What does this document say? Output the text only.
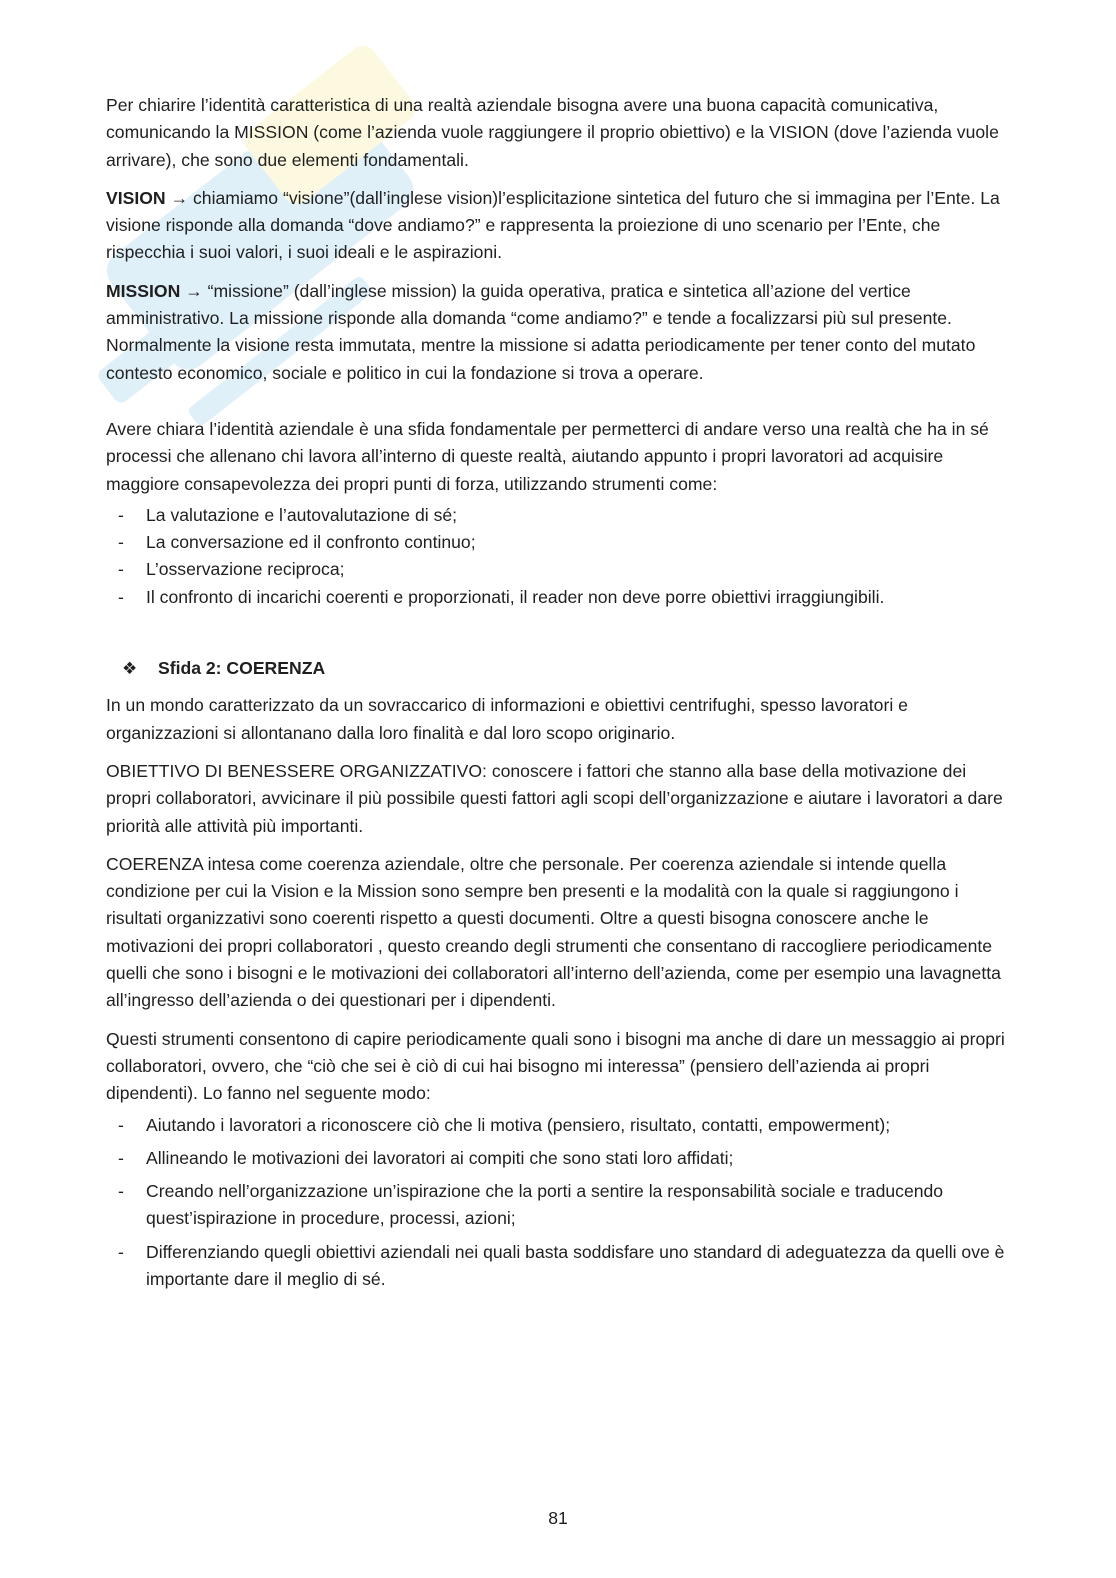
Per chiarire l’identità caratteristica di una realtà aziendale bisogna avere una buona capacità comunicativa, comunicando la MISSION (come l’azienda vuole raggiungere il proprio obiettivo) e la VISION (dove l’azienda vuole arrivare), che sono due elementi fondamentali.

VISION → chiamiamo “visione”(dall’inglese vision)l’esplicitazione sintetica del futuro che si immagina per l’Ente. La visione risponde alla domanda “dove andiamo?” e rappresenta la proiezione di uno scenario per l’Ente, che rispecchia i suoi valori, i suoi ideali e le aspirazioni.

MISSION → “missione” (dall’inglese mission) la guida operativa, pratica e sintetica all’azione del vertice amministrativo. La missione risponde alla domanda “come andiamo?” e tende a focalizzarsi più sul presente. Normalmente la visione resta immutata, mentre la missione si adatta periodicamente per tener conto del mutato contesto economico, sociale e politico in cui la fondazione si trova a operare.

Avere chiara l’identità aziendale è una sfida fondamentale per permetterci di andare verso una realtà che ha in sé processi che allenano chi lavora all’interno di queste realtà, aiutando appunto i propri lavoratori ad acquisire maggiore consapevolezza dei propri punti di forza, utilizzando strumenti come:

- La valutazione e l’autovalutazione di sé;
- La conversazione ed il confronto continuo;
- L’osservazione reciproca;
- Il confronto di incarichi coerenti e proporzionati, il reader non deve porre obiettivi irraggiungibili.
❖	Sfida 2: COERENZA

In un mondo caratterizzato da un sovraccarico di informazioni e obiettivi centrifughi, spesso lavoratori e organizzazioni si allontanano dalla loro finalità e dal loro scopo originario.

OBIETTIVO DI BENESSERE ORGANIZZATIVO: conoscere i fattori che stanno alla base della motivazione dei propri collaboratori, avvicinare il più possibile questi fattori agli scopi dell’organizzazione e aiutare i lavoratori a dare priorità alle attività più importanti.

COERENZA intesa come coerenza aziendale, oltre che personale. Per coerenza aziendale si intende quella condizione per cui la Vision e la Mission sono sempre ben presenti e la modalità con la quale si raggiungono i risultati organizzativi sono coerenti rispetto a questi documenti. Oltre a questi bisogna conoscere anche le motivazioni dei propri collaboratori , questo creando degli strumenti che consentano di raccogliere periodicamente quelli che sono i bisogni e le motivazioni dei collaboratori all’interno dell’azienda, come per esempio una lavagnetta all’ingresso dell’azienda o dei questionari per i dipendenti.

Questi strumenti consentono di capire periodicamente quali sono i bisogni ma anche di dare un messaggio ai propri collaboratori, ovvero, che “ciò che sei è ciò di cui hai bisogno mi interessa” (pensiero dell’azienda ai propri dipendenti). Lo fanno nel seguente modo:

- Aiutando i lavoratori a riconoscere ciò che li motiva (pensiero, risultato, contatti, empowerment);
- Allineando le motivazioni dei lavoratori ai compiti che sono stati loro affidati;
- Creando nell’organizzazione un’ispirazione che la porti a sentire la responsabilità sociale e traducendo quest’ispirazione in procedure, processi, azioni;
- Differenziando quegli obiettivi aziendali nei quali basta soddisfare uno standard di adeguatezza da quelli ove è importante dare il meglio di sé.
81
